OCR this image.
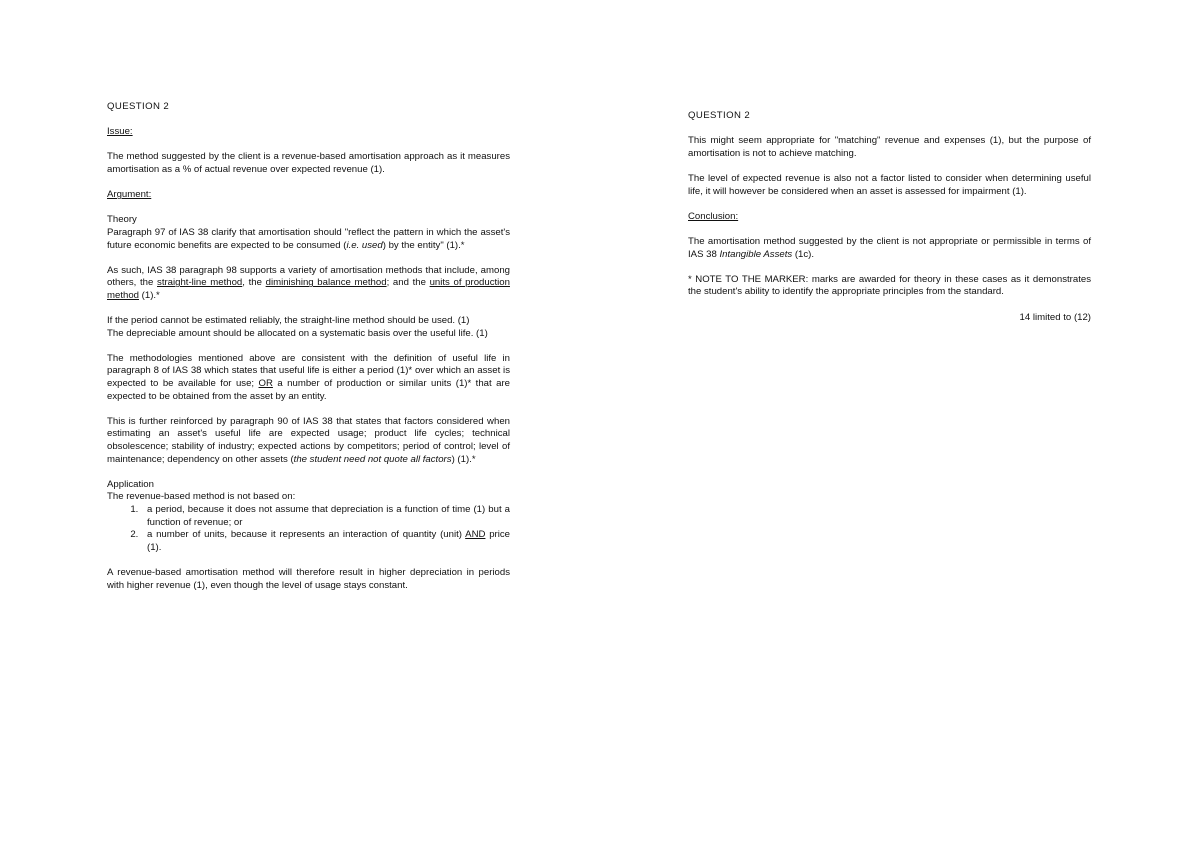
QUESTION 2

Issue:

The method suggested by the client is a revenue-based amortisation approach as it measures amortisation as a % of actual revenue over expected revenue (1).

Argument:

Theory

Paragraph 97 of IAS 38 clarify that amortisation should "reflect the pattern in which the asset's future economic benefits are expected to be consumed (i.e. used) by the entity" (1).*

As such, IAS 38 paragraph 98 supports a variety of amortisation methods that include, among others, the straight-line method, the diminishing balance method; and the units of production method (1).*

If the period cannot be estimated reliably, the straight-line method should be used. (1)
The depreciable amount should be allocated on a systematic basis over the useful life. (1)

The methodologies mentioned above are consistent with the definition of useful life in paragraph 8 of IAS 38 which states that useful life is either a period (1)* over which an asset is expected to be available for use; OR a number of production or similar units (1)* that are expected to be obtained from the asset by an entity.

This is further reinforced by paragraph 90 of IAS 38 that states that factors considered when estimating an asset's useful life are expected usage; product life cycles; technical obsolescence; stability of industry; expected actions by competitors; period of control; level of maintenance; dependency on other assets (the student need not quote all factors) (1).*

Application
The revenue-based method is not based on:
1. a period, because it does not assume that depreciation is a function of time (1) but a function of revenue; or
2. a number of units, because it represents an interaction of quantity (unit) AND price (1).

A revenue-based amortisation method will therefore result in higher depreciation in periods with higher revenue (1), even though the level of usage stays constant.

QUESTION 2

This might seem appropriate for "matching" revenue and expenses (1), but the purpose of amortisation is not to achieve matching.

The level of expected revenue is also not a factor listed to consider when determining useful life, it will however be considered when an asset is assessed for impairment (1).

Conclusion:

The amortisation method suggested by the client is not appropriate or permissible in terms of IAS 38 Intangible Assets (1c).

* NOTE TO THE MARKER: marks are awarded for theory in these cases as it demonstrates the student's ability to identify the appropriate principles from the standard.

14 limited to (12)
